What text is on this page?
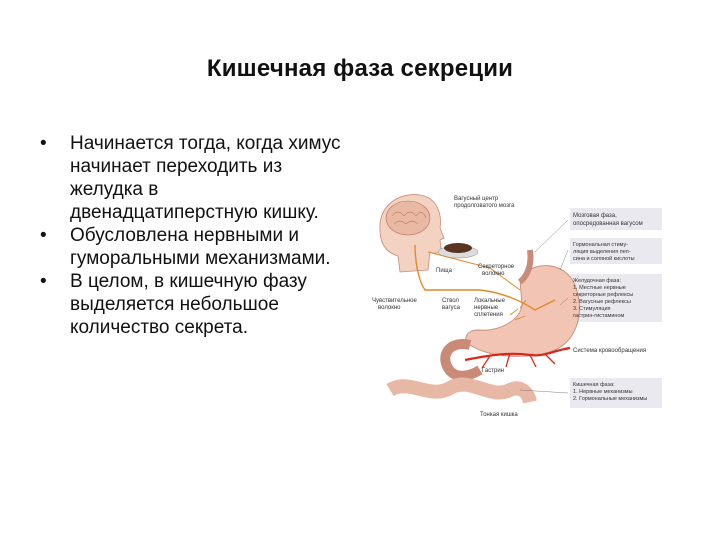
Кишечная фаза секреции
• Начинается тогда, когда химус начинает переходить из желудка в двенадцатиперстную кишку.
• Обусловлена нервными и гуморальными механизмами.
• В целом, в кишечную фазу выделяется небольшое количество секрета.
Вагусный центр
продолговатого мозга
Мозговая фаза,
опосредованная вагусом
Пища
Секреторное
волокно
Чувствительное
волокно
Ствол
вагуса
Локальные
нервные
сплетения
Гормональная стиму-
ляция выделения пеп-
сина и соляной кислоты
Желудочная фаза:
1. Местные нервные
секреторные рефлексы
2. Вагусные рефлексы
3. Стимуляция
гастрин-гистамином
Система кровообращения
Гастрин
Кишечная фаза:
1. Нервные механизмы
2. Гормональные механизмы
Тонкая кишка
